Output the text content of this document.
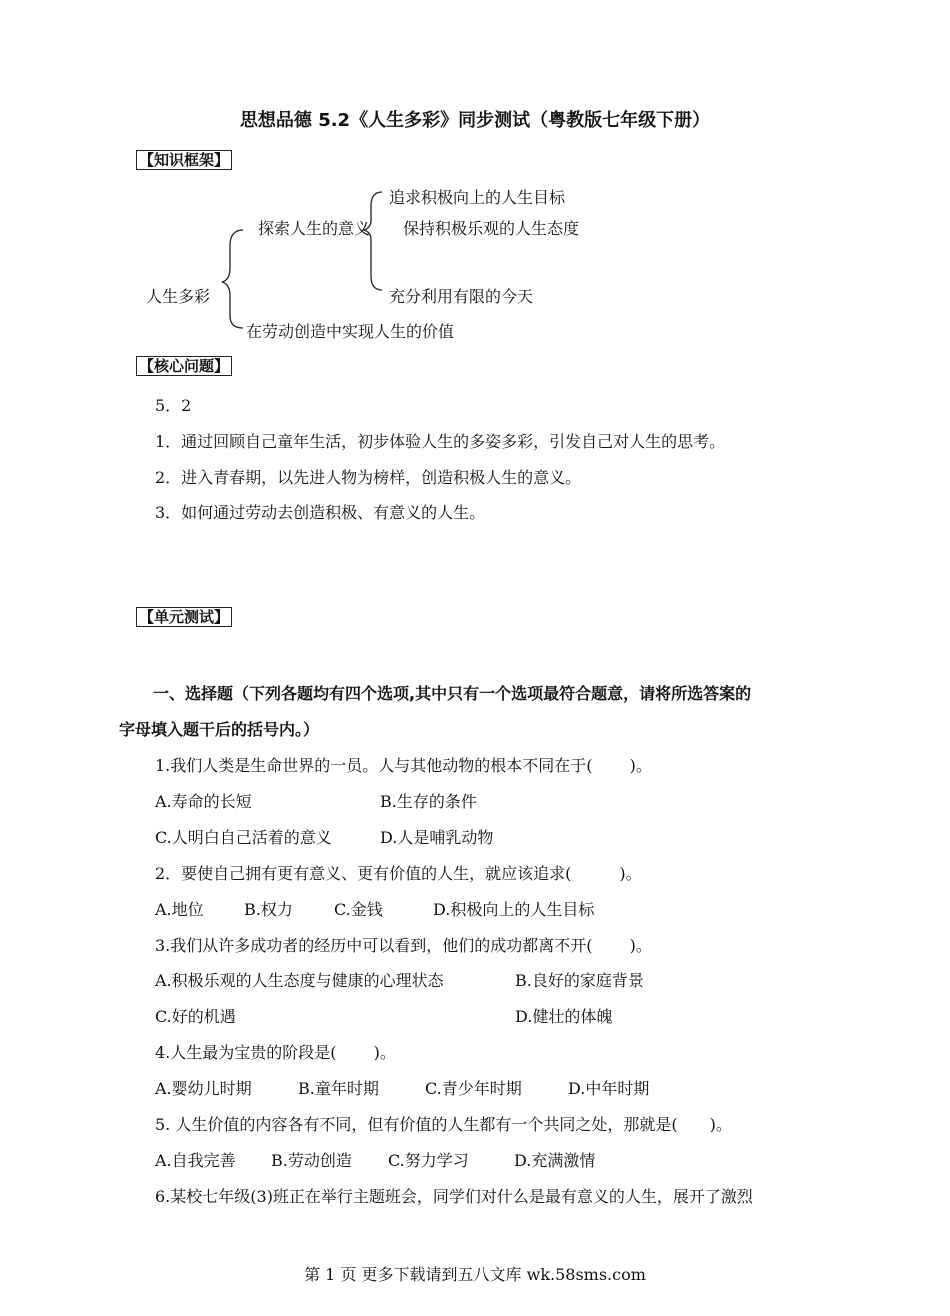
思想品德 5.2《人生多彩》同步测试（粤教版七年级下册）
【知识框架】
人生多彩
探索人生的意义
追求积极向上的人生目标
保持积极乐观的人生态度
充分利用有限的今天
在劳动创造中实现人生的价值
【核心问题】
5．2
1．通过回顾自己童年生活，初步体验人生的多姿多彩，引发自己对人生的思考。
2．进入青春期，以先进人物为榜样，创造积极人生的意义。
3．如何通过劳动去创造积极、有意义的人生。
【单元测试】
一、选择题（下列各题均有四个选项,其中只有一个选项最符合题意，请将所选答案的
字母填入题干后的括号内。）
1.我们人类是生命世界的一员。人与其他动物的根本不同在于(　　 )。
A.寿命的长短	B.生存的条件
C.人明白自己活着的意义	D.人是哺乳动物
2．要使自己拥有更有意义、更有价值的人生，就应该追求(　　　)。
A.地位	B.权力	C.金钱	D.积极向上的人生目标
3.我们从许多成功者的经历中可以看到，他们的成功都离不开(　　 )。
A.积极乐观的人生态度与健康的心理状态	B.良好的家庭背景
C.好的机遇	D.健壮的体魄
4.人生最为宝贵的阶段是(　　 )。
A.婴幼儿时期	B.童年时期	C.青少年时期	D.中年时期
5. 人生价值的内容各有不同，但有价值的人生都有一个共同之处，那就是(　　)。
A.自我完善 B.劳动创造 C.努力学习	D.充满激情
6.某校七年级(3)班正在举行主题班会，同学们对什么是最有意义的人生，展开了激烈
第 1 页 更多下载请到五八文库 wk.58sms.com
